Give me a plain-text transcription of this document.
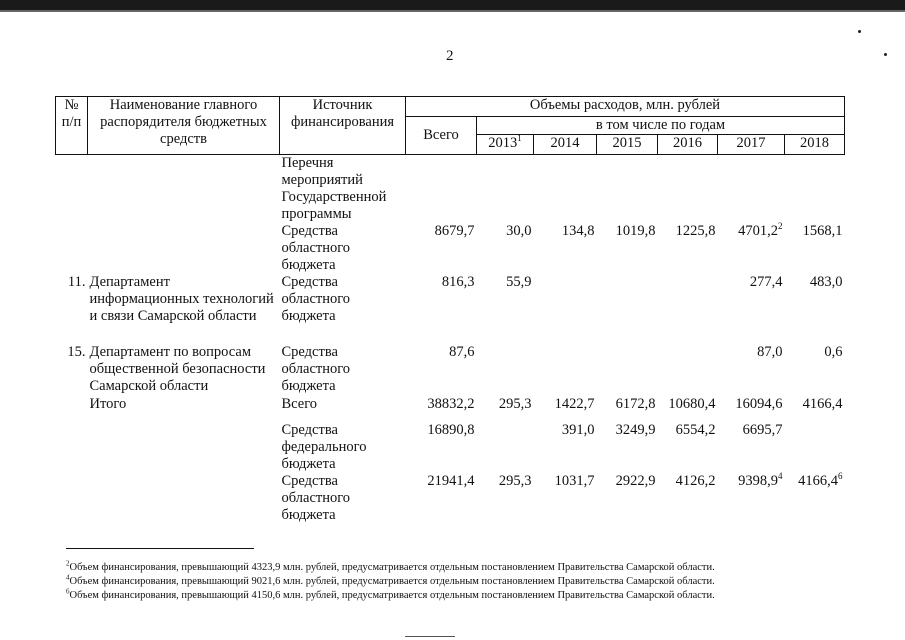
2
№ п/п	Наименование главного распорядителя бюджетных средств	Источник финансирования	Объемы расходов, млн. рублей						
			Всего	в том числе по годам					
				2013$^1$	2014	2015	2016	2017	2018
		Перечня мероприятий Государственной программы							
		Средства областного бюджета	8679,7	30,0	134,8	1019,8	1225,8	4701,2$^2$	1568,1
11.	Департамент информационных технологий и связи Самарской области	Средства областного бюджета	816,3	55,9				277,4	483,0
15.	Департамент по вопросам общественной безопасности Самарской области	Средства областного бюджета	87,6					87,0	0,6
	Итого	Всего	38832,2	295,3	1422,7	6172,8	10680,4	16094,6	4166,4
		Средства федерального бюджета	16890,8		391,0	3249,9	6554,2	6695,7	
		Средства областного бюджета	21941,4	295,3	1031,7	2922,9	4126,2	9398,9$^4$	4166,4$^6$
$^2$Объем финансирования, превышающий 4323,9 млн. рублей, предусматривается отдельным постановлением Правительства Самарской области.
$^4$Объем финансирования, превышающий 9021,6 млн. рублей, предусматривается отдельным постановлением Правительства Самарской области.
$^6$Объем финансирования, превышающий 4150,6 млн. рублей, предусматривается отдельным постановлением Правительства Самарской области.
